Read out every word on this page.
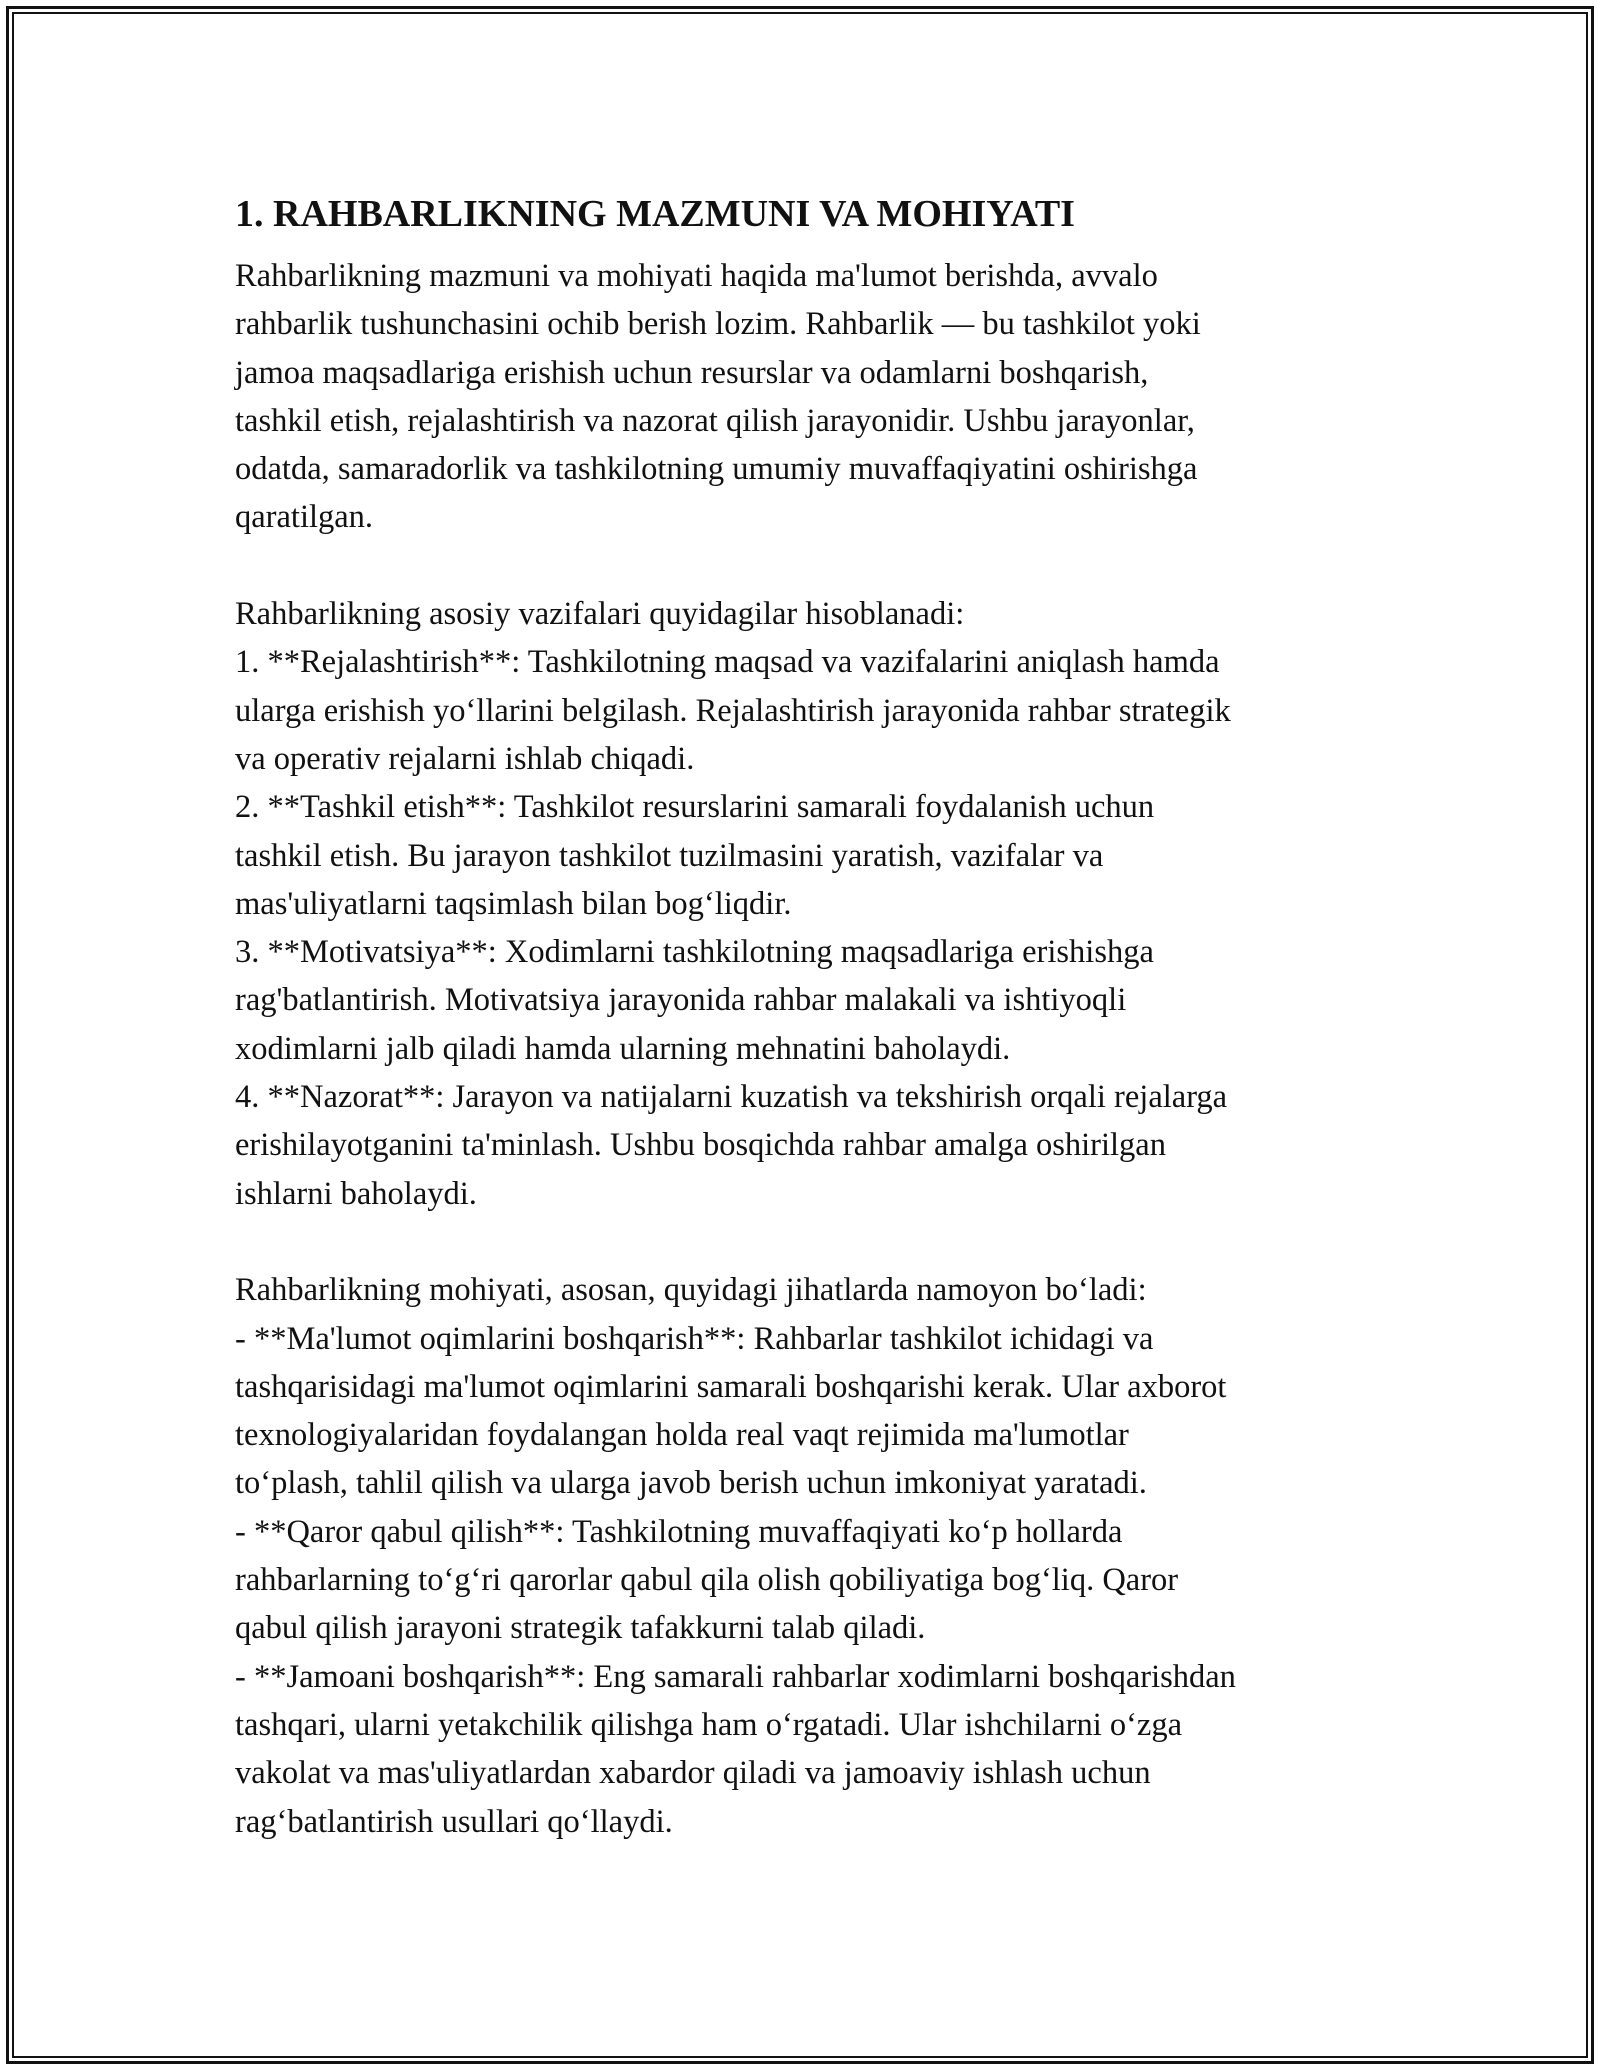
1. RAHBARLIKNING MAZMUNI VA MOHIYATI
Rahbarlikning mazmuni va mohiyati haqida ma'lumot berishda, avvalo
rahbarlik tushunchasini ochib berish lozim. Rahbarlik — bu tashkilot yoki
jamoa maqsadlariga erishish uchun resurslar va odamlarni boshqarish,
tashkil etish, rejalashtirish va nazorat qilish jarayonidir. Ushbu jarayonlar,
odatda, samaradorlik va tashkilotning umumiy muvaffaqiyatini oshirishga
qaratilgan.
Rahbarlikning asosiy vazifalari quyidagilar hisoblanadi:
1. **Rejalashtirish**: Tashkilotning maqsad va vazifalarini aniqlash hamda
ularga erishish yo‘llarini belgilash. Rejalashtirish jarayonida rahbar strategik
va operativ rejalarni ishlab chiqadi.
2. **Tashkil etish**: Tashkilot resurslarini samarali foydalanish uchun
tashkil etish. Bu jarayon tashkilot tuzilmasini yaratish, vazifalar va
mas'uliyatlarni taqsimlash bilan bog‘liqdir.
3. **Motivatsiya**: Xodimlarni tashkilotning maqsadlariga erishishga
rag'batlantirish. Motivatsiya jarayonida rahbar malakali va ishtiyoqli
xodimlarni jalb qiladi hamda ularning mehnatini baholaydi.
4. **Nazorat**: Jarayon va natijalarni kuzatish va tekshirish orqali rejalarga
erishilayotganini ta'minlash. Ushbu bosqichda rahbar amalga oshirilgan
ishlarni baholaydi.
Rahbarlikning mohiyati, asosan, quyidagi jihatlarda namoyon bo‘ladi:
- **Ma'lumot oqimlarini boshqarish**: Rahbarlar tashkilot ichidagi va
tashqarisidagi ma'lumot oqimlarini samarali boshqarishi kerak. Ular axborot
texnologiyalaridan foydalangan holda real vaqt rejimida ma'lumotlar
to‘plash, tahlil qilish va ularga javob berish uchun imkoniyat yaratadi.
- **Qaror qabul qilish**: Tashkilotning muvaffaqiyati ko‘p hollarda
rahbarlarning to‘g‘ri qarorlar qabul qila olish qobiliyatiga bog‘liq. Qaror
qabul qilish jarayoni strategik tafakkurni talab qiladi.
- **Jamoani boshqarish**: Eng samarali rahbarlar xodimlarni boshqarishdan
tashqari, ularni yetakchilik qilishga ham o‘rgatadi. Ular ishchilarni o‘zga
vakolat va mas'uliyatlardan xabardor qiladi va jamoaviy ishlash uchun
rag‘batlantirish usullari qo‘llaydi.
